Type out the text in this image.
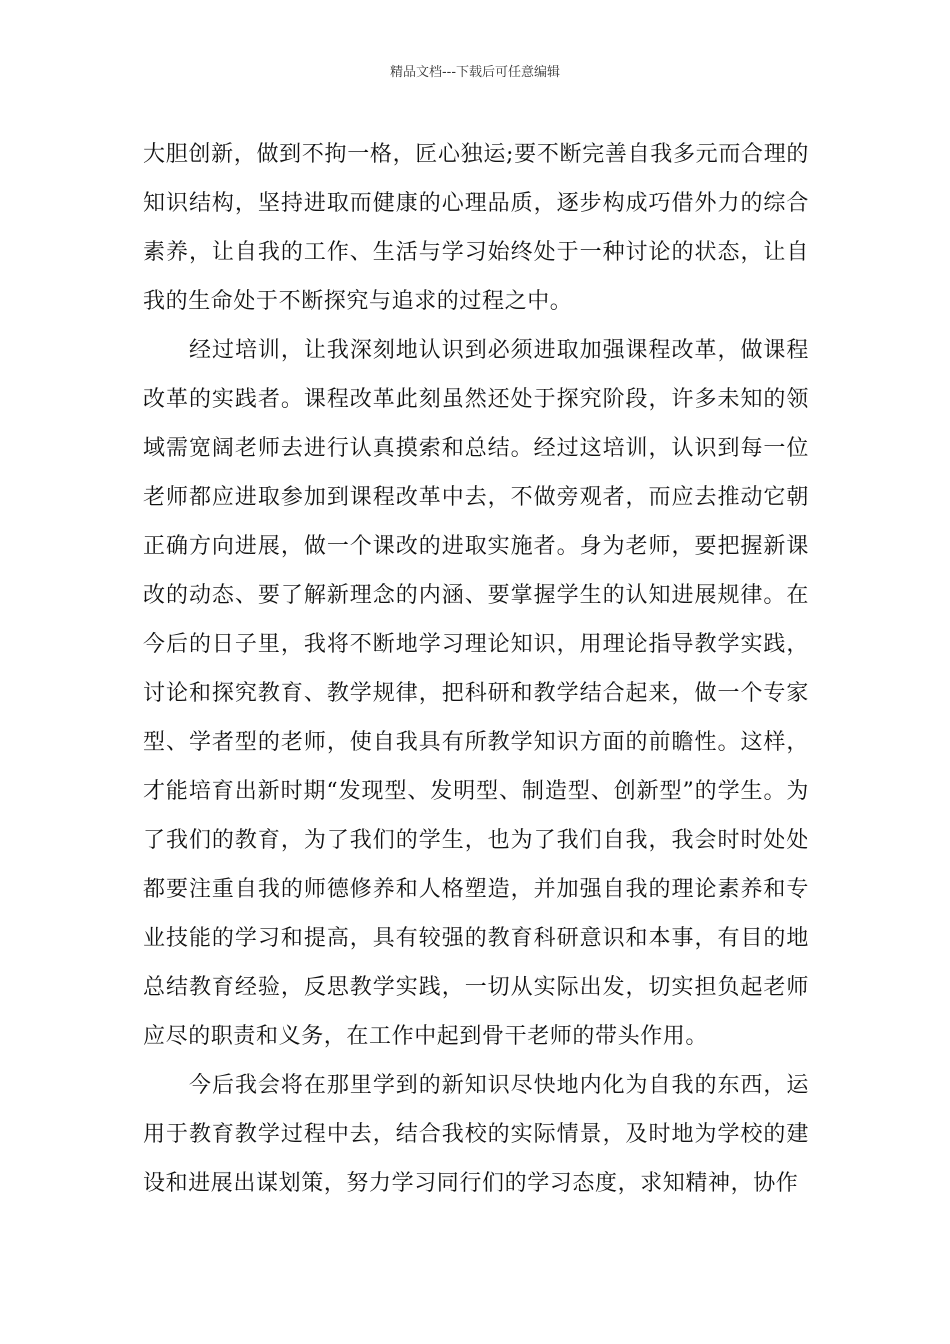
精品文档---下载后可任意编辑

大胆创新，做到不拘一格，匠心独运;要不断完善自我多元而合理的知识结构，坚持进取而健康的心理品质，逐步构成巧借外力的综合素养，让自我的工作、生活与学习始终处于一种讨论的状态，让自我的生命处于不断探究与追求的过程之中。

经过培训，让我深刻地认识到必须进取加强课程改革，做课程改革的实践者。课程改革此刻虽然还处于探究阶段，许多未知的领域需宽阔老师去进行认真摸索和总结。经过这培训，认识到每一位老师都应进取参加到课程改革中去，不做旁观者，而应去推动它朝正确方向进展，做一个课改的进取实施者。身为老师，要把握新课改的动态、要了解新理念的内涵、要掌握学生的认知进展规律。在今后的日子里，我将不断地学习理论知识，用理论指导教学实践，讨论和探究教育、教学规律，把科研和教学结合起来，做一个专家型、学者型的老师，使自我具有所教学知识方面的前瞻性。这样，才能培育出新时期“发现型、发明型、制造型、创新型”的学生。为了我们的教育，为了我们的学生，也为了我们自我，我会时时处处都要注重自我的师德修养和人格塑造，并加强自我的理论素养和专业技能的学习和提高，具有较强的教育科研意识和本事，有目的地总结教育经验，反思教学实践，一切从实际出发，切实担负起老师应尽的职责和义务，在工作中起到骨干老师的带头作用。

今后我会将在那里学到的新知识尽快地内化为自我的东西，运用于教育教学过程中去，结合我校的实际情景，及时地为学校的建设和进展出谋划策，努力学习同行们的学习态度，求知精神，协作
